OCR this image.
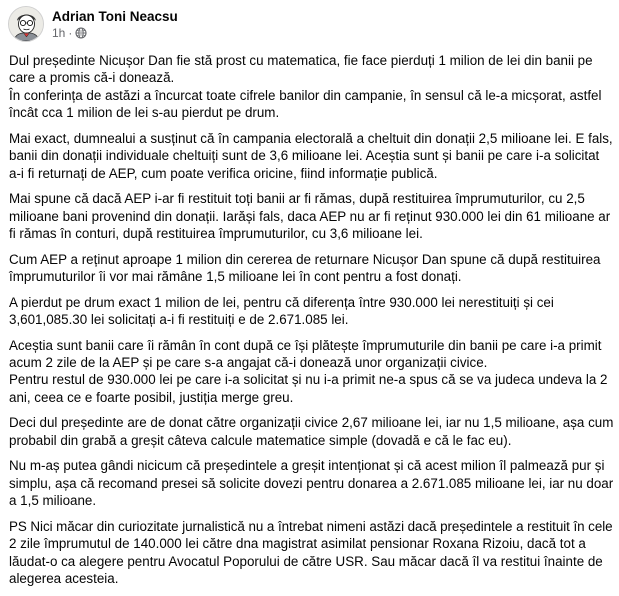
Adrian Toni Neacsu
1h ·
Dul președinte Nicușor Dan fie stă prost cu matematica, fie face pierduți 1 milion de lei din banii pe
care a promis că-i donează.
În conferința de astăzi a încurcat toate cifrele banilor din campanie, în sensul că le-a micșorat, astfel
încât cca 1 milion de lei s-au pierdut pe drum.
Mai exact, dumnealui a susținut că în campania electorală a cheltuit din donații 2,5 milioane lei. E fals,
banii din donații individuale cheltuiți sunt de 3,6 milioane lei. Aceștia sunt și banii pe care i-a solicitat
a-i fi returnați de AEP, cum poate verifica oricine, fiind informație publică.
Mai spune că dacă AEP i-ar fi restituit toți banii ar fi rămas, după restituirea împrumuturilor, cu 2,5
milioane bani provenind din donații. Iarăși fals, daca AEP nu ar fi reținut 930.000 lei din 61 milioane ar
fi rămas în conturi, după restituirea împrumuturilor, cu 3,6 milioane lei.
Cum AEP a reținut aproape 1 milion din cererea de returnare Nicușor Dan spune că după restituirea
împrumuturilor îi vor mai rămâne 1,5 milioane lei în cont pentru a fost donați.
A pierdut pe drum exact 1 milion de lei, pentru că diferența între 930.000 lei nerestituiți și cei
3,601,085.30 lei solicitați a-i fi restituiți e de 2.671.085 lei.
Aceștia sunt banii care îi rămân în cont după ce își plătește împrumuturile din banii pe care i-a primit
acum 2 zile de la AEP și pe care s-a angajat că-i donează unor organizații civice.
Pentru restul de 930.000 lei pe care i-a solicitat și nu i-a primit ne-a spus că se va judeca undeva la 2
ani, ceea ce e foarte posibil, justiția merge greu.
Deci dul președinte are de donat către organizații civice 2,67 milioane lei, iar nu 1,5 milioane, așa cum
probabil din grabă a greșit câteva calcule matematice simple (dovadă e că le fac eu).
Nu m-aș putea gândi nicicum că președintele a greșit intenționat și că acest milion îl palmează pur și
simplu, așa că recomand presei să solicite dovezi pentru donarea a 2.671.085 milioane lei, iar nu doar
a 1,5 milioane.
PS Nici măcar din curiozitate jurnalistică nu a întrebat nimeni astăzi dacă președintele a restituit în cele
2 zile împrumutul de 140.000 lei către dna magistrat asimilat pensionar Roxana Rizoiu, dacă tot a
lăudat-o ca alegere pentru Avocatul Poporului de către USR. Sau măcar dacă îl va restitui înainte de
alegerea acesteia.
